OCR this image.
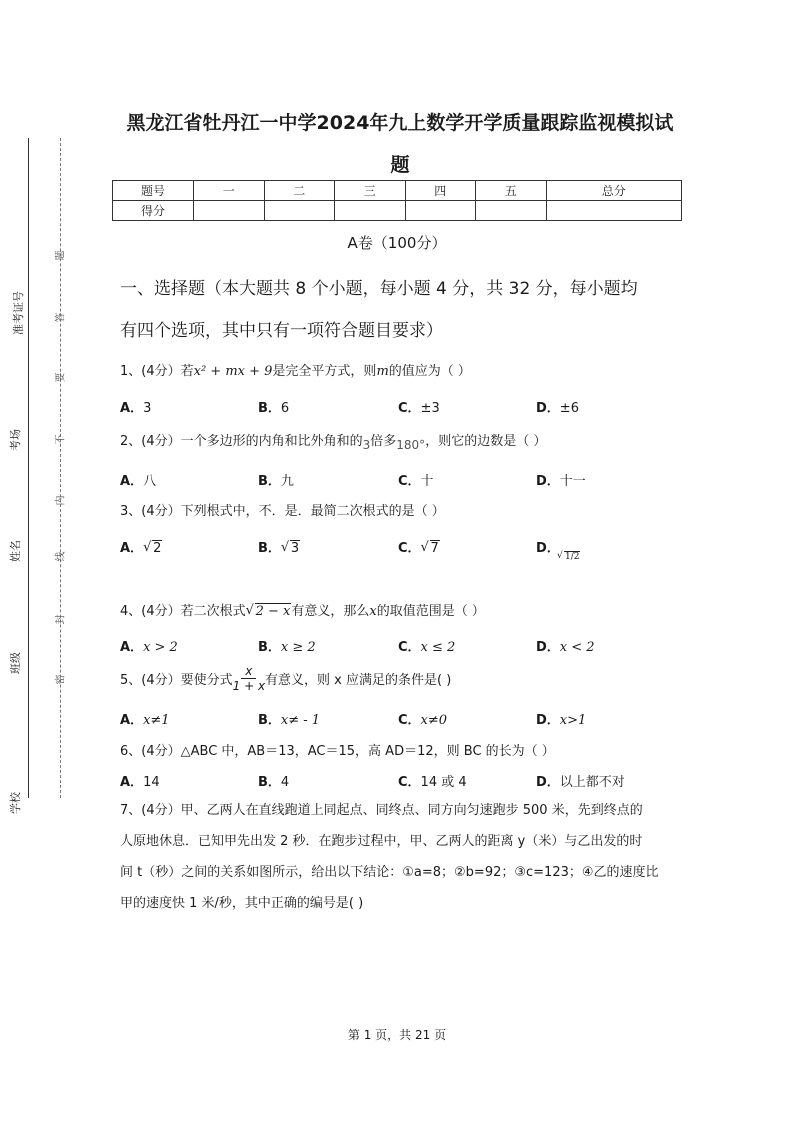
准考证号
考场
姓名
班级
学校
题
答
要
不
内
线
封
密
黑龙江省牡丹江一中学2024年九上数学开学质量跟踪监视模拟试
题
题号	一	二	三	四	五	总分
得分						
A卷（100分）
一、选择题（本大题共 8 个小题，每小题 4 分，共 32 分，每小题均
有四个选项，其中只有一项符合题目要求）
1、(4分）若x² + mx + 9是完全平方式，则m的值应为（ ）
A．3	B．6	C．±3	D．±6
2、(4分）一个多边形的内角和比外角和的3倍多180°，则它的边数是（ ）
A．八	B．九	C．十	D．十一
3、(4分）下列根式中，不．是．最简二次根式的是（ ）
A． √ 2	B． √ 3	C． √ 7	D．
√ 1/2
4、(4分）若二次根式 √ 2 − x有意义，那么x的取值范围是（ ）
A．x > 2	B．x ≥ 2	C．x ≤ 2	D．x < 2
5、(4分）要使分式 $\frac{x}{1 + x}$ 有意义，则 x 应满足的条件是( )
A．x≠1	B．x≠ - 1	C．x≠0	D．x>1
6、(4分）△ABC 中，AB＝13，AC＝15，高 AD＝12，则 BC 的长为（ ）
A．14	B．4	C．14 或 4	D．以上都不对
7、(4分）甲、乙两人在直线跑道上同起点、同终点、同方向匀速跑步 500 米，先到终点的
人原地休息．已知甲先出发 2 秒．在跑步过程中，甲、乙两人的距离 y（米）与乙出发的时
间 t（秒）之间的关系如图所示，给出以下结论：①a=8；②b=92；③c=123；④乙的速度比
甲的速度快 1 米/秒，其中正确的编号是( )
第 1 页，共 21 页
